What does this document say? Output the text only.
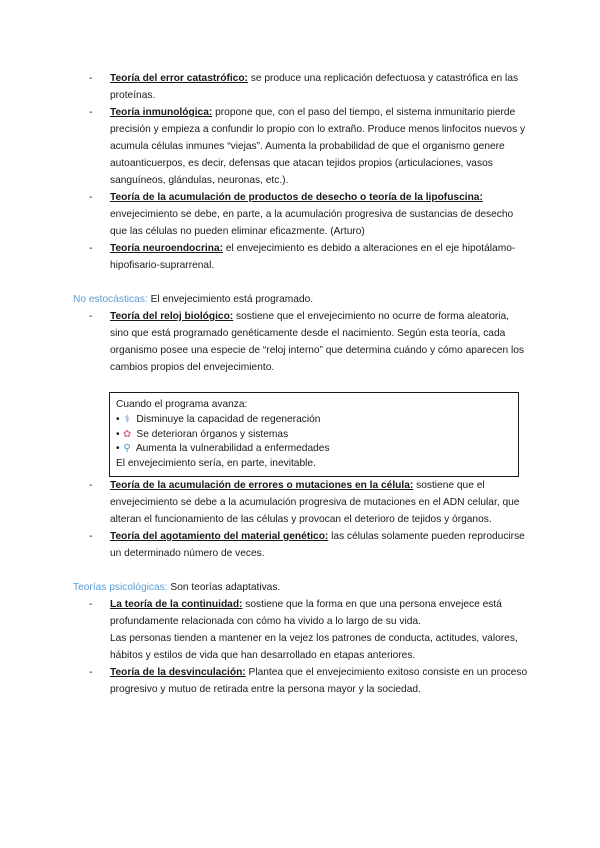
- Teoría del error catastrófico: se produce una replicación defectuosa y catastrófica en las proteínas.
- Teoría inmunológica: propone que, con el paso del tiempo, el sistema inmunitario pierde precisión y empieza a confundir lo propio con lo extraño. Produce menos linfocitos nuevos y acumula células inmunes “viejas”. Aumenta la probabilidad de que el organismo genere autoanticuerpos, es decir, defensas que atacan tejidos propios (articulaciones, vasos sanguíneos, glándulas, neuronas, etc.).
- Teoría de la acumulación de productos de desecho o teoría de la lipofuscina: envejecimiento se debe, en parte, a la acumulación progresiva de sustancias de desecho que las células no pueden eliminar eficazmente. (Arturo)
- Teoría neuroendocrina: el envejecimiento es debido a alteraciones en el eje hipotálamo-hipofisario-suprarrenal.
No estocásticas: El envejecimiento está programado.
- Teoría del reloj biológico: sostiene que el envejecimiento no ocurre de forma aleatoria, sino que está programado genéticamente desde el nacimiento. Según esta teoría, cada organismo posee una especie de “reloj interno” que determina cuándo y cómo aparecen los cambios propios del envejecimiento.
Cuando el programa avanza:
• ⚕ Disminuye la capacidad de regeneración
• ✿ Se deterioran órganos y sistemas
• ⚲ Aumenta la vulnerabilidad a enfermedades
El envejecimiento sería, en parte, inevitable.
- Teoría de la acumulación de errores o mutaciones en la célula: sostiene que el envejecimiento se debe a la acumulación progresiva de mutaciones en el ADN celular, que alteran el funcionamiento de las células y provocan el deterioro de tejidos y órganos.
- Teoría del agotamiento del material genético: las células solamente pueden reproducirse un determinado número de veces.
Teorías psicológicas: Son teorías adaptativas.
- La teoría de la continuidad: sostiene que la forma en que una persona envejece está profundamente relacionada con cómo ha vivido a lo largo de su vida.
Las personas tienden a mantener en la vejez los patrones de conducta, actitudes, valores, hábitos y estilos de vida que han desarrollado en etapas anteriores.
- Teoría de la desvinculación: Plantea que el envejecimiento exitoso consiste en un proceso progresivo y mutuo de retirada entre la persona mayor y la sociedad.
